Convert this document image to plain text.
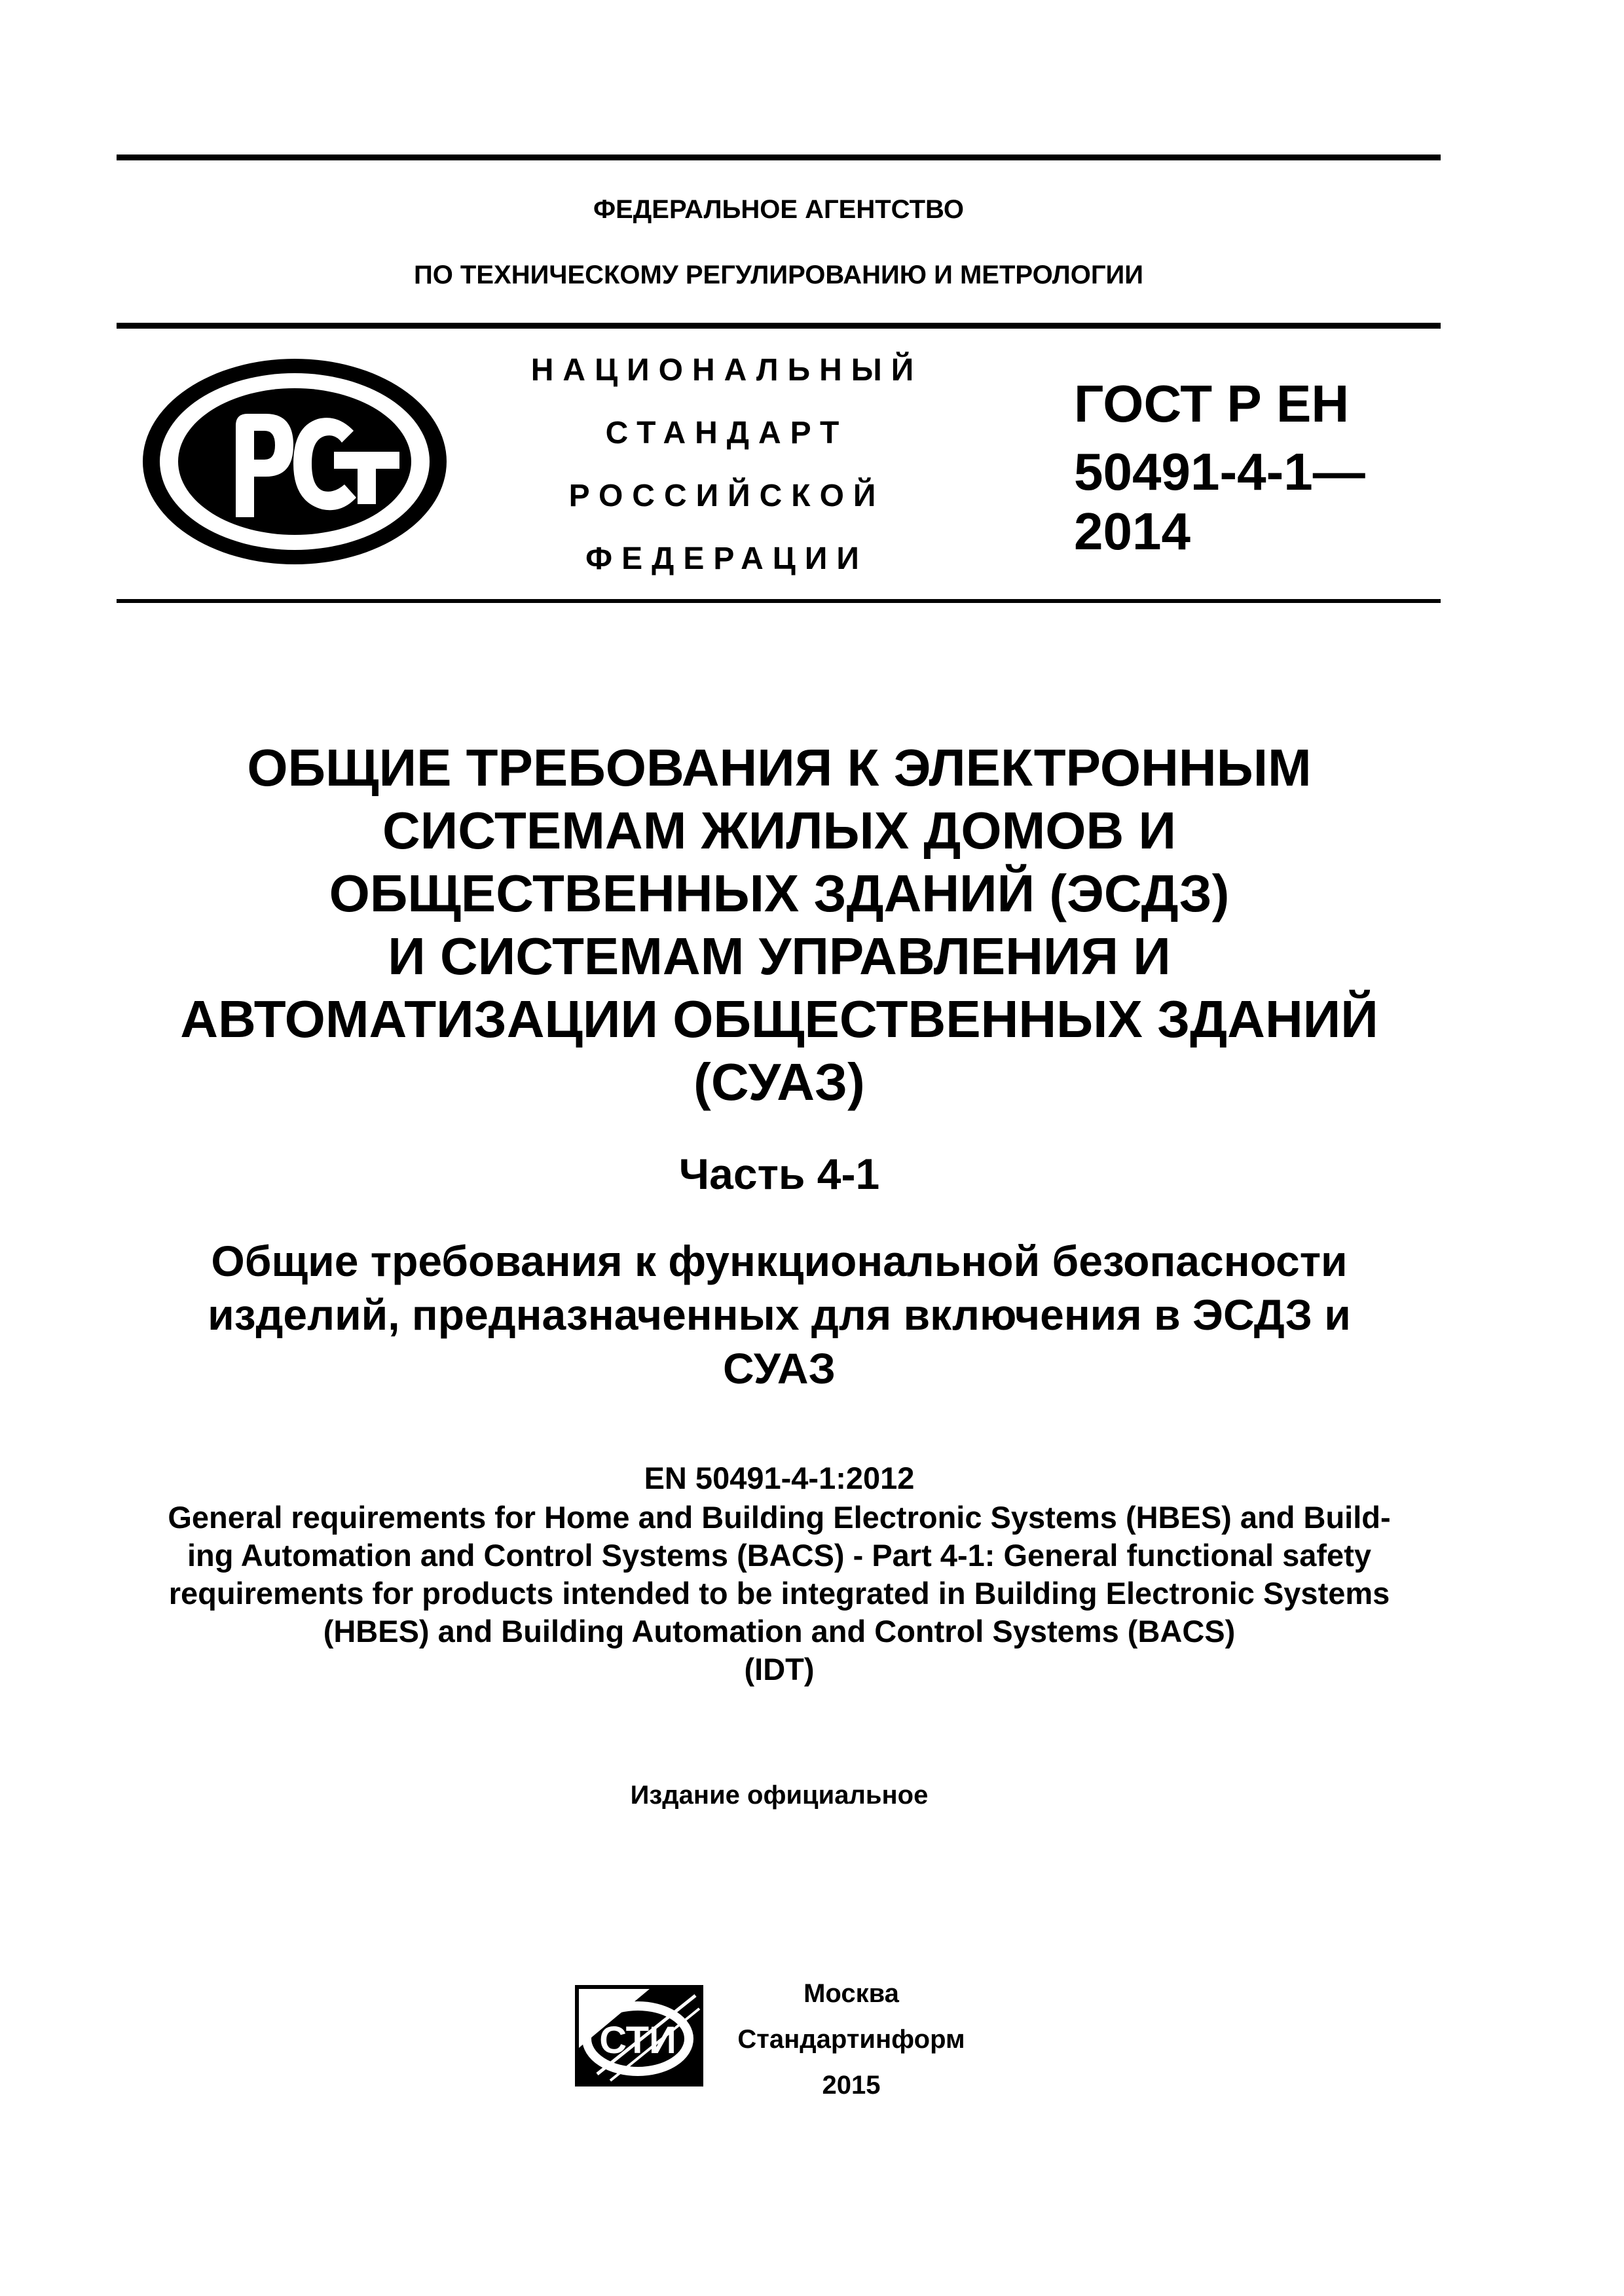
ФЕДЕРАЛЬНОЕ АГЕНТСТВО
ПО ТЕХНИЧЕСКОМУ РЕГУЛИРОВАНИЮ И МЕТРОЛОГИИ
НАЦИОНАЛЬНЫЙ
СТАНДАРТ
РОССИЙСКОЙ
ФЕДЕРАЦИИ
ГОСТ Р ЕН
50491-4-1—
2014
ОБЩИЕ ТРЕБОВАНИЯ К ЭЛЕКТРОННЫМ
СИСТЕМАМ ЖИЛЫХ ДОМОВ И
ОБЩЕСТВЕННЫХ ЗДАНИЙ (ЭСДЗ)
И СИСТЕМАМ УПРАВЛЕНИЯ И
АВТОМАТИЗАЦИИ ОБЩЕСТВЕННЫХ ЗДАНИЙ
(СУАЗ)
Часть 4-1
Общие требования к функциональной безопасности
изделий, предназначенных для включения в ЭСДЗ и
СУАЗ
EN 50491-4-1:2012
General requirements for Home and Building Electronic Systems (HBES) and Build-
ing Automation and Control Systems (BACS) - Part 4-1: General functional safety
requirements for products intended to be integrated in Building Electronic Systems
(HBES) and Building Automation and Control Systems (BACS)
(IDT)
Издание официальное
СТИ
Москва
Стандартинформ
2015
